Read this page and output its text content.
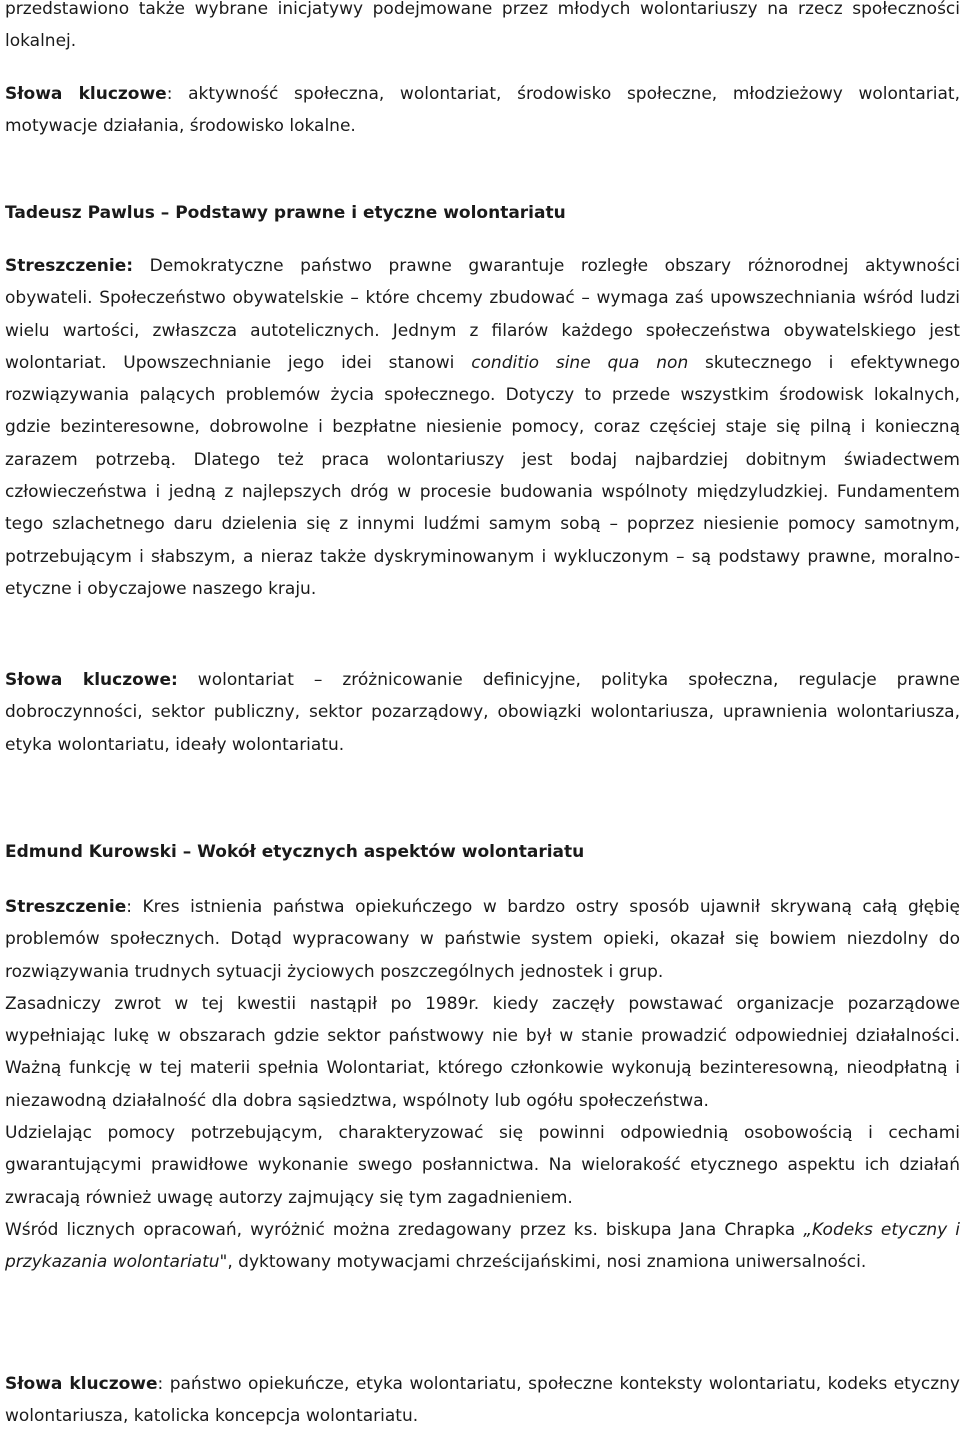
przedstawiono także wybrane inicjatywy podejmowane przez młodych wolontariuszy na rzecz społeczności lokalnej.
Słowa kluczowe: aktywność społeczna, wolontariat, środowisko społeczne, młodzieżowy wolontariat, motywacje działania, środowisko lokalne.
Tadeusz Pawlus – Podstawy prawne i etyczne wolontariatu
Streszczenie: Demokratyczne państwo prawne gwarantuje rozległe obszary różnorodnej aktywności obywateli. Społeczeństwo obywatelskie – które chcemy zbudować – wymaga zaś upowszechniania wśród ludzi wielu wartości, zwłaszcza autotelicznych. Jednym z filarów każdego społeczeństwa obywatelskiego jest wolontariat. Upowszechnianie jego idei stanowi conditio sine qua non skutecznego i efektywnego rozwiązywania palących problemów życia społecznego. Dotyczy to przede wszystkim środowisk lokalnych, gdzie bezinteresowne, dobrowolne i bezpłatne niesienie pomocy, coraz częściej staje się pilną i konieczną zarazem potrzebą. Dlatego też praca wolontariuszy jest bodaj najbardziej dobitnym świadectwem człowieczeństwa i jedną z najlepszych dróg w procesie budowania wspólnoty międzyludzkiej. Fundamentem tego szlachetnego daru dzielenia się z innymi ludźmi samym sobą – poprzez niesienie pomocy samotnym, potrzebującym i słabszym, a nieraz także dyskryminowanym i wykluczonym – są podstawy prawne, moralno-etyczne i obyczajowe naszego kraju.
Słowa kluczowe: wolontariat – zróżnicowanie definicyjne, polityka społeczna, regulacje prawne dobroczynności, sektor publiczny, sektor pozarządowy, obowiązki wolontariusza, uprawnienia wolontariusza, etyka wolontariatu, ideały wolontariatu.
Edmund Kurowski – Wokół etycznych aspektów wolontariatu
Streszczenie: Kres istnienia państwa opiekuńczego w bardzo ostry sposób ujawnił skrywaną całą głębię problemów społecznych. Dotąd wypracowany w państwie system opieki, okazał się bowiem niezdolny do rozwiązywania trudnych sytuacji życiowych poszczególnych jednostek i grup.
Zasadniczy zwrot w tej kwestii nastąpił po 1989r. kiedy zaczęły powstawać organizacje pozarządowe wypełniając lukę w obszarach gdzie sektor państwowy nie był w stanie prowadzić odpowiedniej działalności. Ważną funkcję w tej materii spełnia Wolontariat, którego członkowie wykonują bezinteresowną, nieodpłatną i niezawodną działalność dla dobra sąsiedztwa, wspólnoty lub ogółu społeczeństwa.
Udzielając pomocy potrzebującym, charakteryzować się powinni odpowiednią osobowością i cechami gwarantującymi prawidłowe wykonanie swego posłannictwa. Na wielorakość etycznego aspektu ich działań zwracają również uwagę autorzy zajmujący się tym zagadnieniem.
Wśród licznych opracowań, wyróżnić można zredagowany przez ks. biskupa Jana Chrapka „Kodeks etyczny i przykazania wolontariatu", dyktowany motywacjami chrześcijańskimi, nosi znamiona uniwersalności.
Słowa kluczowe: państwo opiekuńcze, etyka wolontariatu, społeczne konteksty wolontariatu, kodeks etyczny wolontariusza, katolicka koncepcja wolontariatu.
